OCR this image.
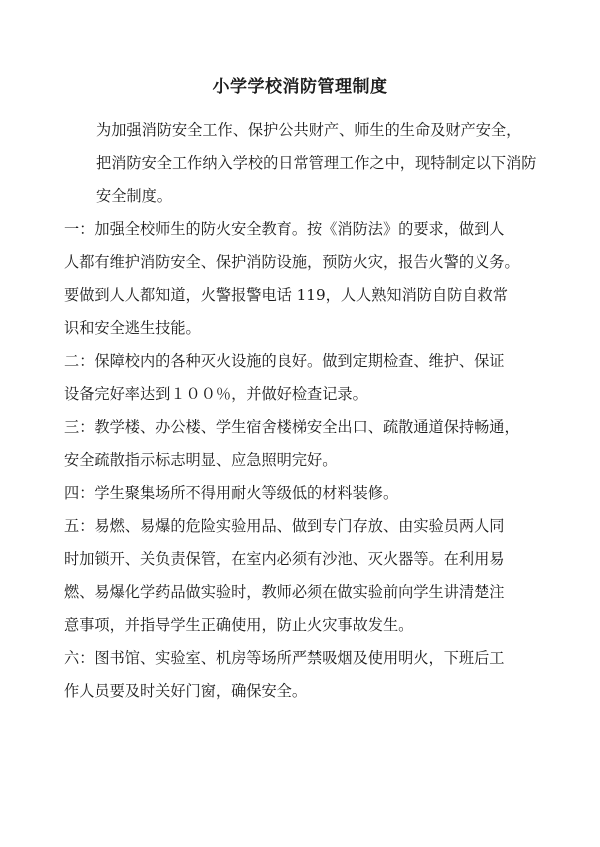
小学学校消防管理制度

为加强消防安全工作、保护公共财产、师生的生命及财产安全，
把消防安全工作纳入学校的日常管理工作之中，现特制定以下消防
安全制度。

一：加强全校师生的防火安全教育。按《消防法》的要求，做到人
人都有维护消防安全、保护消防设施，预防火灾，报告火警的义务。
要做到人人都知道，火警报警电话 119，人人熟知消防自防自救常
识和安全逃生技能。

二：保障校内的各种灭火设施的良好。做到定期检查、维护、保证
设备完好率达到１００％，并做好检查记录。

三：教学楼、办公楼、学生宿舍楼梯安全出口、疏散通道保持畅通，
安全疏散指示标志明显、应急照明完好。

四：学生聚集场所不得用耐火等级低的材料装修。

五：易燃、易爆的危险实验用品、做到专门存放、由实验员两人同
时加锁开、关负责保管，在室内必须有沙池、灭火器等。在利用易
燃、易爆化学药品做实验时，教师必须在做实验前向学生讲清楚注
意事项，并指导学生正确使用，防止火灾事故发生。

六：图书馆、实验室、机房等场所严禁吸烟及使用明火，下班后工
作人员要及时关好门窗，确保安全。
